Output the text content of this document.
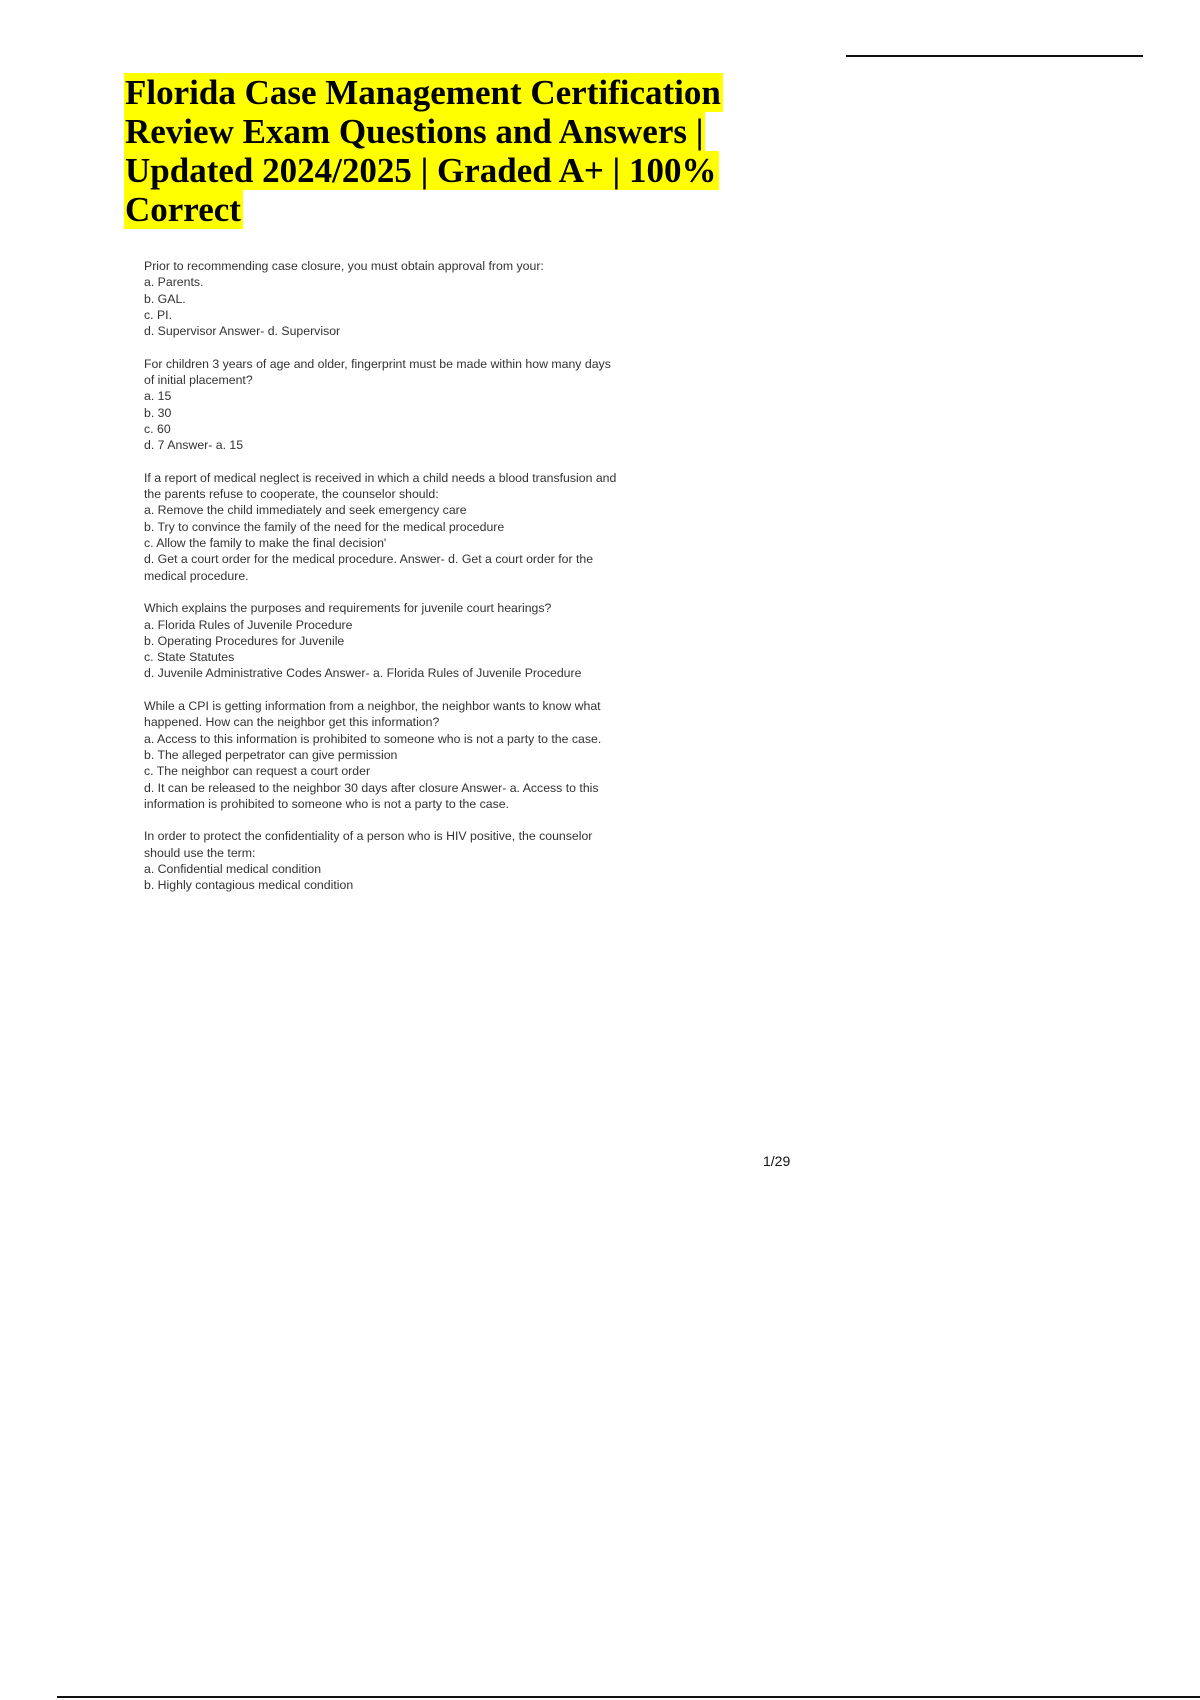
Florida Case Management Certification
Review Exam Questions and Answers |
Updated 2024/2025 | Graded A+ | 100%
Correct
Prior to recommending case closure, you must obtain approval from your:
a. Parents.
b. GAL.
c. PI.
d. Supervisor Answer- d. Supervisor
For children 3 years of age and older, fingerprint must be made within how many days
of initial placement?
a. 15
b. 30
c. 60
d. 7 Answer- a. 15
If a report of medical neglect is received in which a child needs a blood transfusion and
the parents refuse to cooperate, the counselor should:
a. Remove the child immediately and seek emergency care
b. Try to convince the family of the need for the medical procedure
c. Allow the family to make the final decision'
d. Get a court order for the medical procedure. Answer- d. Get a court order for the
medical procedure.
Which explains the purposes and requirements for juvenile court hearings?
a. Florida Rules of Juvenile Procedure
b. Operating Procedures for Juvenile
c. State Statutes
d. Juvenile Administrative Codes Answer- a. Florida Rules of Juvenile Procedure
While a CPI is getting information from a neighbor, the neighbor wants to know what
happened. How can the neighbor get this information?
a. Access to this information is prohibited to someone who is not a party to the case.
b. The alleged perpetrator can give permission
c. The neighbor can request a court order
d. It can be released to the neighbor 30 days after closure Answer- a. Access to this
information is prohibited to someone who is not a party to the case.
In order to protect the confidentiality of a person who is HIV positive, the counselor
should use the term:
a. Confidential medical condition
b. Highly contagious medical condition
1/29
